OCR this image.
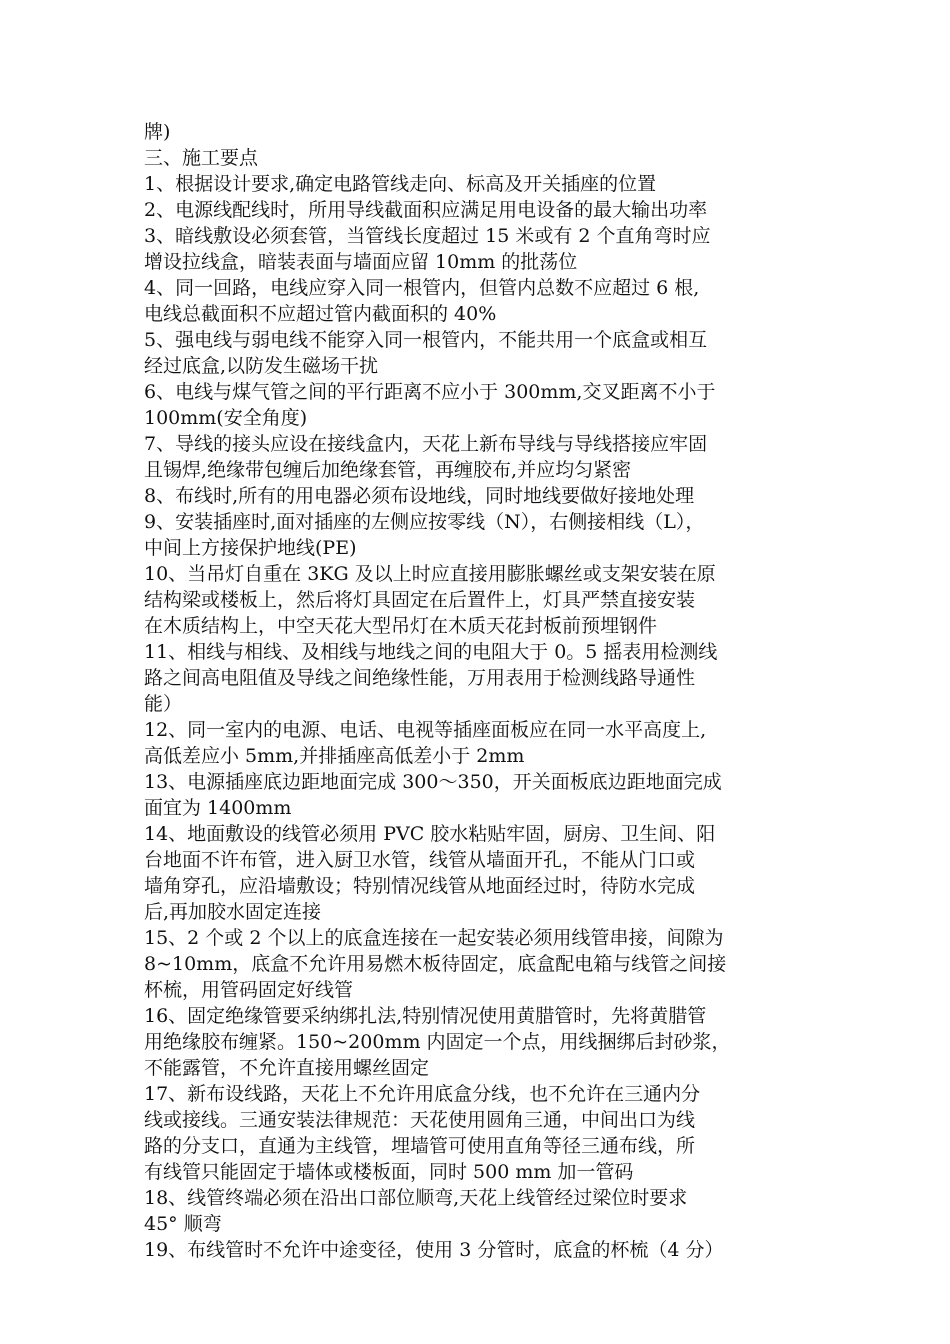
牌)
三、施工要点
1、根据设计要求,确定电路管线走向、标高及开关插座的位置
2、电源线配线时，所用导线截面积应满足用电设备的最大输出功率
3、暗线敷设必须套管，当管线长度超过 15 米或有 2 个直角弯时应
增设拉线盒，暗装表面与墙面应留 10mm 的批荡位
4、同一回路，电线应穿入同一根管内，但管内总数不应超过 6 根,
电线总截面积不应超过管内截面积的 40%
5、强电线与弱电线不能穿入同一根管内，不能共用一个底盒或相互
经过底盒,以防发生磁场干扰
6、电线与煤气管之间的平行距离不应小于 300mm,交叉距离不小于
100mm(安全角度)
7、导线的接头应设在接线盒内，天花上新布导线与导线搭接应牢固
且锡焊,绝缘带包缠后加绝缘套管，再缠胶布,并应均匀紧密
8、布线时,所有的用电器必须布设地线，同时地线要做好接地处理
9、安装插座时,面对插座的左侧应按零线（N），右侧接相线（L），
中间上方接保护地线(PE)
10、当吊灯自重在 3KG 及以上时应直接用膨胀螺丝或支架安装在原
结构梁或楼板上，然后将灯具固定在后置件上，灯具严禁直接安装
在木质结构上，中空天花大型吊灯在木质天花封板前预埋钢件
11、相线与相线、及相线与地线之间的电阻大于 0。5 摇表用检测线
路之间高电阻值及导线之间绝缘性能，万用表用于检测线路导通性
能）
12、同一室内的电源、电话、电视等插座面板应在同一水平高度上,
高低差应小 5mm,并排插座高低差小于 2mm
13、电源插座底边距地面完成 300～350，开关面板底边距地面完成
面宜为 1400mm
14、地面敷设的线管必须用 PVC 胶水粘贴牢固，厨房、卫生间、阳
台地面不许布管，进入厨卫水管，线管从墙面开孔，不能从门口或
墙角穿孔，应沿墙敷设；特别情况线管从地面经过时，待防水完成
后,再加胶水固定连接
15、2 个或 2 个以上的底盒连接在一起安装必须用线管串接，间隙为
8~10mm，底盒不允许用易燃木板待固定，底盒配电箱与线管之间接
杯梳，用管码固定好线管
16、固定绝缘管要采纳绑扎法,特别情况使用黄腊管时，先将黄腊管
用绝缘胶布缠紧。150~200mm 内固定一个点，用线捆绑后封砂浆，
不能露管，不允许直接用螺丝固定
17、新布设线路，天花上不允许用底盒分线，也不允许在三通内分
线或接线。三通安装法律规范：天花使用圆角三通，中间出口为线
路的分支口，直通为主线管，埋墙管可使用直角等径三通布线，所
有线管只能固定于墙体或楼板面，同时 500 mm 加一管码
18、线管终端必须在沿出口部位顺弯,天花上线管经过梁位时要求
45° 顺弯
19、布线管时不允许中途变径，使用 3 分管时，底盒的杯梳（4 分）
